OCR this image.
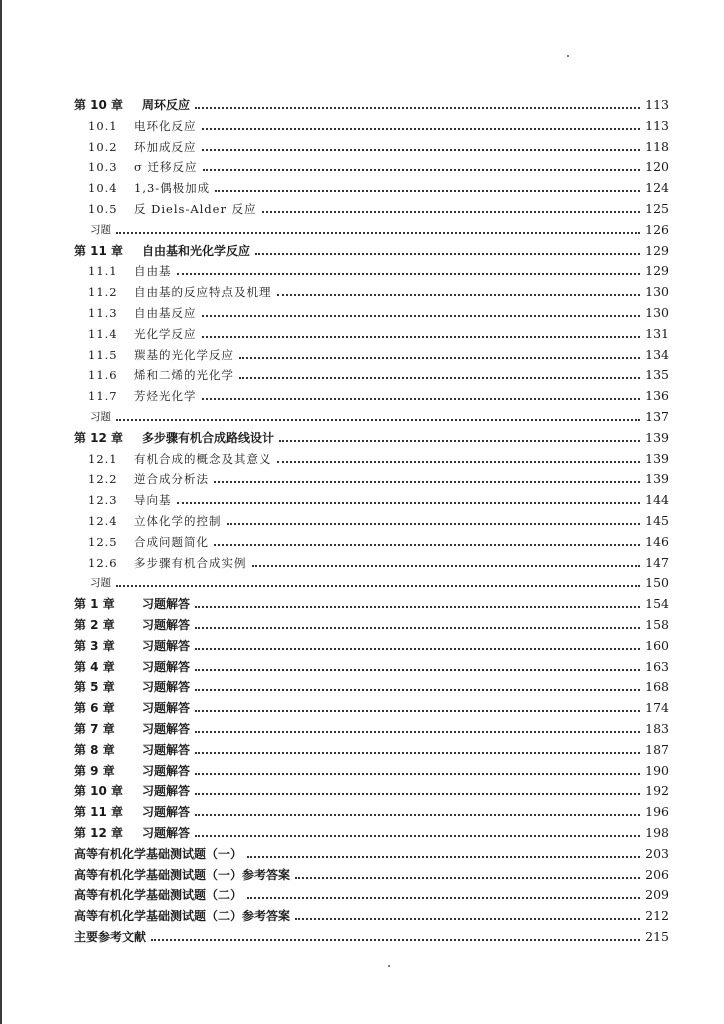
第 10 章	周环反应	113
10.1	电环化反应	113
10.2	环加成反应	118
10.3	σ 迁移反应	120
10.4	1,3-偶极加成	124
10.5	反 Diels-Alder 反应	125
习题	126
第 11 章	自由基和光化学反应	129
11.1	自由基	129
11.2	自由基的反应特点及机理	130
11.3	自由基反应	130
11.4	光化学反应	131
11.5	羰基的光化学反应	134
11.6	烯和二烯的光化学	135
11.7	芳烃光化学	136
习题	137
第 12 章	多步骤有机合成路线设计	139
12.1	有机合成的概念及其意义	139
12.2	逆合成分析法	139
12.3	导向基	144
12.4	立体化学的控制	145
12.5	合成问题简化	146
12.6	多步骤有机合成实例	147
习题	150
第 1 章	习题解答	154
第 2 章	习题解答	158
第 3 章	习题解答	160
第 4 章	习题解答	163
第 5 章	习题解答	168
第 6 章	习题解答	174
第 7 章	习题解答	183
第 8 章	习题解答	187
第 9 章	习题解答	190
第 10 章	习题解答	192
第 11 章	习题解答	196
第 12 章	习题解答	198
高等有机化学基础测试题（一）	203
高等有机化学基础测试题（一）参考答案	206
高等有机化学基础测试题（二）	209
高等有机化学基础测试题（二）参考答案	212
主要参考文献	215
